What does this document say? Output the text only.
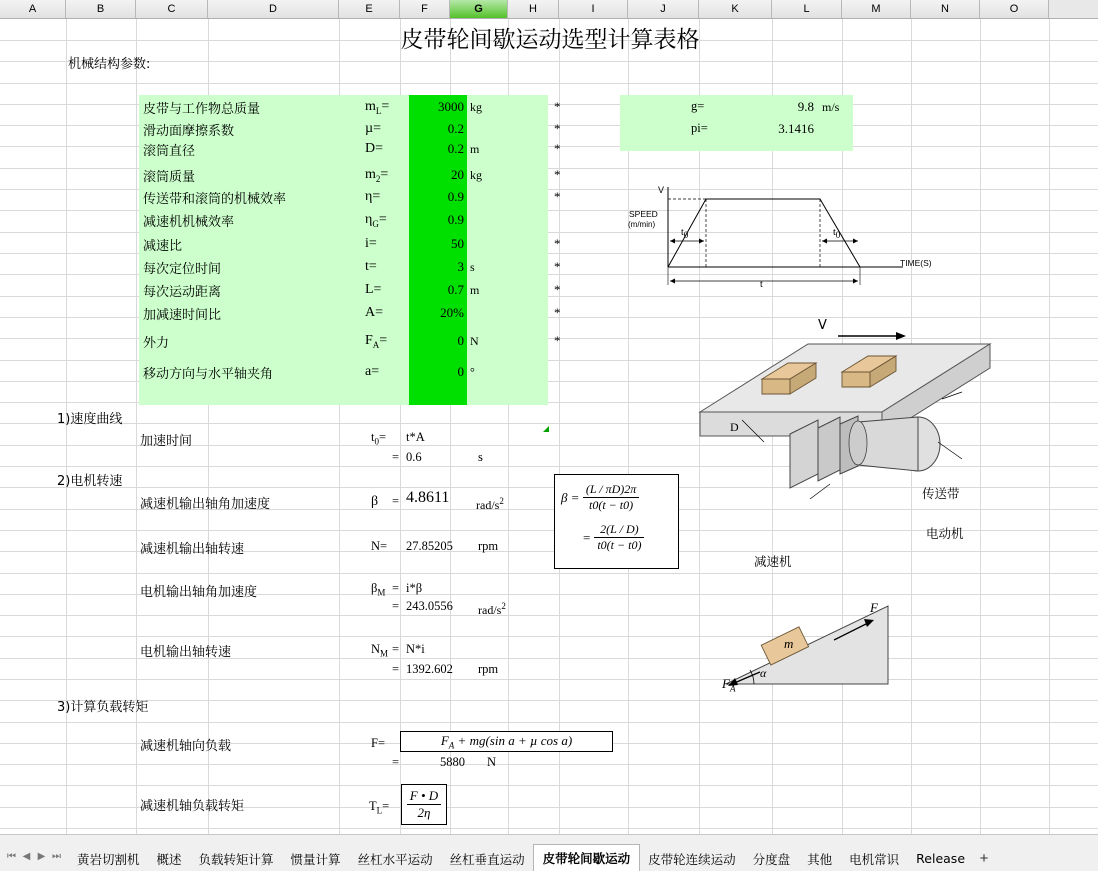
A	B	C	D	E	F	G	H	I	J	K	L	M	N	O
皮带轮间歇运动选型计算表格
机械结构参数:
皮带与工作物总质量	$m_L=$	3000 kg	*
滑动面摩擦系数	µ=	0.2	*
滚筒直径	D=	0.2 m	*
滚筒质量	$m_2=$	20 kg	*
传送带和滚筒的机械效率	η=	0.9	*
减速机机械效率	$\eta_G=$	0.9
减速比	i=	50	*
每次定位时间	t=	3 s	*
每次运动距离	L=	0.7 m	*
加减速时间比	A=	20%	*
外力	$F_A=$	0 N	*
移动方向与水平轴夹角	a=	0 °
g=	9.8 m/s
pi=	3.1416
V
SPEED
(m/min)
TIME(S)
$t_0$	$t_0$
t
1)速度曲线
加速时间	$t_0= t*A$
= 0.6	s
2)电机转速
减速机输出轴角加速度	β = 4.8611 rad/$s^2$
减速机输出轴转速	N= 27.85205 rpm
电机输出轴角加速度	$\beta_M = i*\beta$
= 243.0556 rad/$s^2$
电机输出轴转速	$N_M = N*i$
= 1392.602 rpm
$\beta = \frac{(L / \pi D)2\pi}{t0(t - t0)}$
= $\frac{2(L / D)}{t0(t - t0)}$
3)计算负载转矩
减速机轴向负载	F=	$F_A + mg(\sin$ a + µ cos a)
=	5880 N
减速机轴负载转矩	$T_L= \frac{F • D}{2\eta}$
V
D
传送带
电动机
减速机
F
$F_A$
m
α
⏮ ◀ ▶ ⏭	黄岩切割机	概述	负载转矩计算	惯量计算	丝杠水平运动	丝杠垂直运动	皮带轮间歇运动	皮带轮连续运动	分度盘	其他	电机常识	Release +
